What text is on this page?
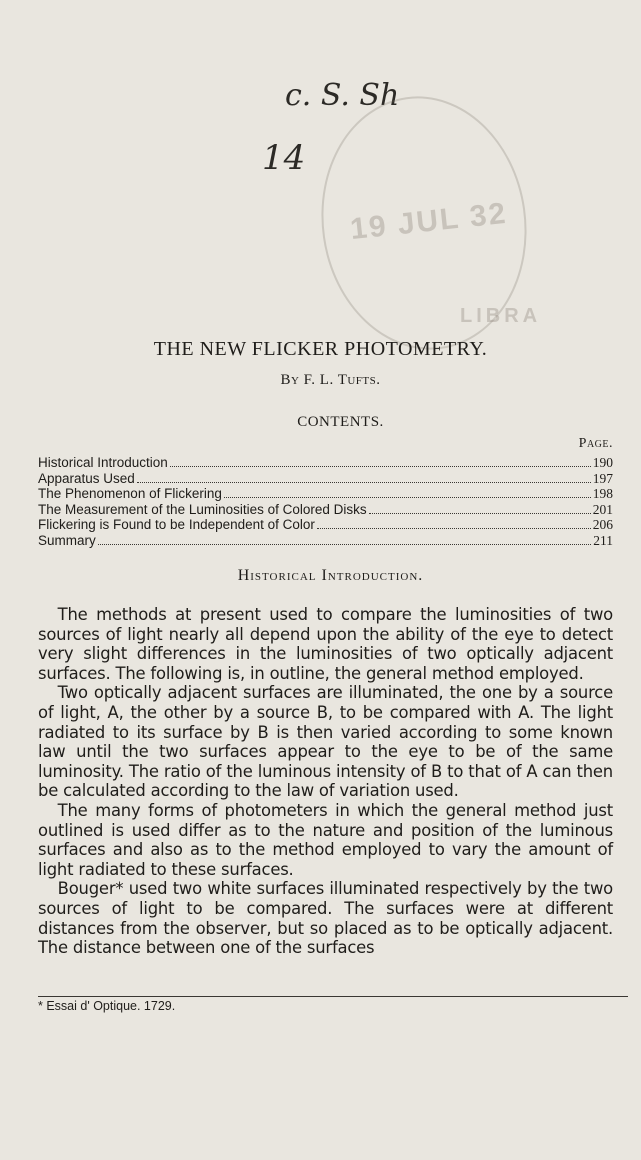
c. S. Sh
14
19 JUL 32
LIBRA
THE NEW FLICKER PHOTOMETRY.
By F. L. Tufts.
CONTENTS.
Page.
Historical Introduction	190
Apparatus Used	197
The Phenomenon of Flickering	198
The Measurement of the Luminosities of Colored Disks	201
Flickering is Found to be Independent of Color	206
Summary	211
Historical Introduction.

The methods at present used to compare the luminosities of two sources of light nearly all depend upon the ability of the eye to detect very slight differences in the luminosities of two optically adjacent surfaces. The following is, in outline, the general method employed.

Two optically adjacent surfaces are illuminated, the one by a source of light, A, the other by a source B, to be compared with A. The light radiated to its surface by B is then varied according to some known law until the two surfaces appear to the eye to be of the same luminosity. The ratio of the luminous intensity of B to that of A can then be calculated according to the law of variation used.

The many forms of photometers in which the general method just outlined is used differ as to the nature and position of the luminous surfaces and also as to the method employed to vary the amount of light radiated to these surfaces.

Bouger* used two white surfaces illuminated respectively by the two sources of light to be compared. The surfaces were at different distances from the observer, but so placed as to be optically adjacent. The distance between one of the surfaces

* Essai d' Optique. 1729.
